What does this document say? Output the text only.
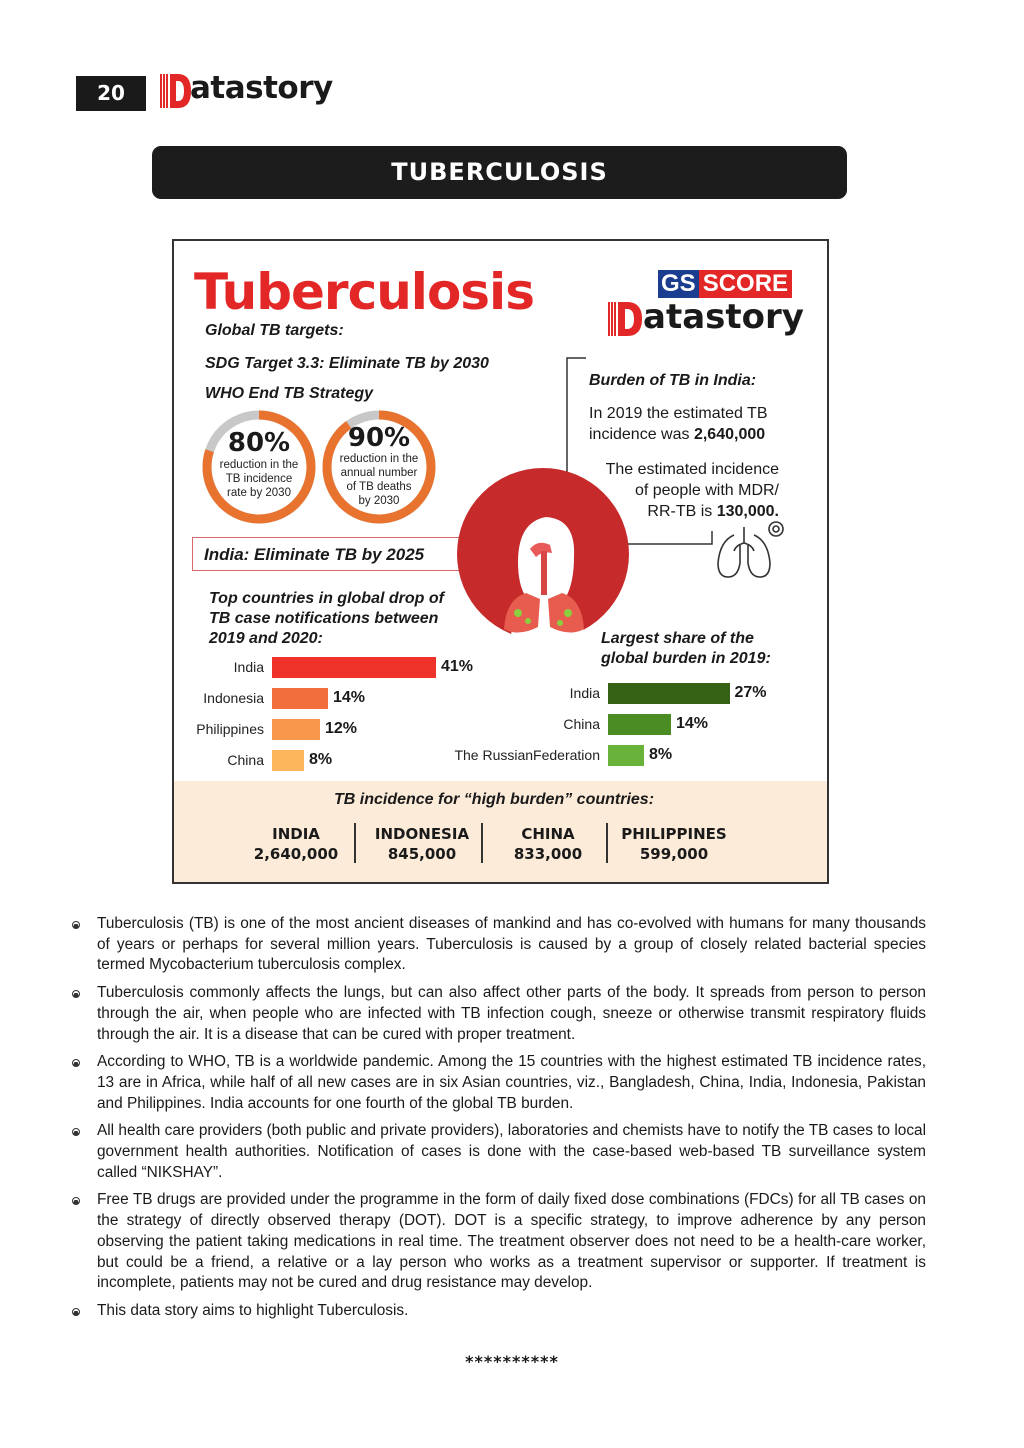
20	atastory
TUBERCULOSIS
Tuberculosis	GS SCORE
atastory
Global TB targets:
SDG Target 3.3: Eliminate TB by 2030
WHO End TB Strategy
80%
reduction in the
TB incidence
rate by 2030
90%
reduction in the
annual number
of TB deaths
by 2030
India: Eliminate TB by 2025
Burden of TB in India:
In 2019 the estimated TB
incidence was 2,640,000
The estimated incidence
of people with MDR/
RR-TB is 130,000.
Top countries in global drop of
TB case notifications between
2019 and 2020:
India	41%
Indonesia	14%
Philippines	12%
China	8%
Largest share of the
global burden in 2019:
India	27%
China	14%
The RussianFederation	8%
TB incidence for “high burden” countries:
INDIA
2,640,000
INDONESIA
845,000
CHINA
833,000
PHILIPPINES
599,000
Tuberculosis (TB) is one of the most ancient diseases of mankind and has co-evolved with humans for many thousands of years or perhaps for several million years. Tuberculosis is caused by a group of closely related bacterial species termed Mycobacterium tuberculosis complex.
Tuberculosis commonly affects the lungs, but can also affect other parts of the body. It spreads from person to person through the air, when people who are infected with TB infection cough, sneeze or otherwise transmit respiratory fluids through the air. It is a disease that can be cured with proper treatment.
According to WHO, TB is a worldwide pandemic. Among the 15 countries with the highest estimated TB incidence rates, 13 are in Africa, while half of all new cases are in six Asian countries, viz., Bangladesh, China, India, Indonesia, Pakistan and Philippines. India accounts for one fourth of the global TB burden.
All health care providers (both public and private providers), laboratories and chemists have to notify the TB cases to local government health authorities. Notification of cases is done with the case-based web-based TB surveillance system called “NIKSHAY”.
Free TB drugs are provided under the programme in the form of daily fixed dose combinations (FDCs) for all TB cases on the strategy of directly observed therapy (DOT). DOT is a specific strategy, to improve adherence by any person observing the patient taking medications in real time. The treatment observer does not need to be a health-care worker, but could be a friend, a relative or a lay person who works as a treatment supervisor or supporter. If treatment is incomplete, patients may not be cured and drug resistance may develop.
This data story aims to highlight Tuberculosis.
**********
